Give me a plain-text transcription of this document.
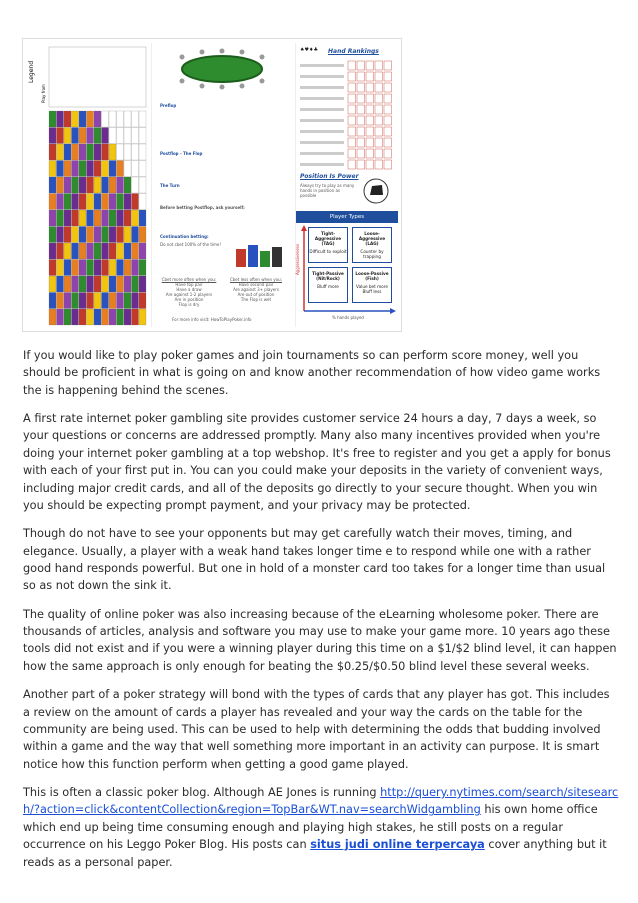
Legend
Play from
Preflop
Postflop - The Flop
The Turn
Before betting Postflop, ask yourself:
Continuation betting:
Do not cbet 100% of the time!
Cbet more often when you:
Have top pair
Have a draw
Are against 1-2 players
Are in position
Flop is dry
Cbet less often when you:
Have second pair
Are against 3+ players
Are out of position
The Flop is wet
For more info visit: HowToPlayPoker.info
♠♥♦♣ Hand Rankings
Position Is Power
Always try to play as many hands in position as possible
Player Types
Tight-Aggressive (TAG)
Difficult to exploit
Loose-Aggressive (LAG)
Counter by trapping
Tight-Passive (Nit/Rock)
Bluff more
Loose-Passive (Fish)
Value bet more Bluff less
Aggressiveness
% hands played

If you would like to play poker games and join tournaments so can perform score money, well you should be proficient in what is going on and know another recommendation of how video game works the is happening behind the scenes.

A first rate internet poker gambling site provides customer service 24 hours a day, 7 days a week, so your questions or concerns are addressed promptly. Many also many incentives provided when you're doing your internet poker gambling at a top webshop. It's free to register and you get a apply for bonus with each of your first put in. You can you could make your deposits in the variety of convenient ways, including major credit cards, and all of the deposits go directly to your secure thought. When you win you should be expecting prompt payment, and your privacy may be protected.

Though do not have to see your opponents but may get carefully watch their moves, timing, and elegance. Usually, a player with a weak hand takes longer time e to respond while one with a rather good hand responds powerful. But one in hold of a monster card too takes for a longer time than usual so as not down the sink it.

The quality of online poker was also increasing because of the eLearning wholesome poker. There are thousands of articles, analysis and software you may use to make your game more. 10 years ago these tools did not exist and if you were a winning player during this time on a $1/$2 blind level, it can happen how the same approach is only enough for beating the $0.25/$0.50 blind level these several weeks.

Another part of a poker strategy will bond with the types of cards that any player has got. This includes a review on the amount of cards a player has revealed and your way the cards on the table for the community are being used. This can be used to help with determining the odds that budding involved within a game and the way that well something more important in an activity can purpose. It is smart notice how this function perform when getting a good game played.

This is often a classic poker blog. Although AE Jones is running http://query.nytimes.com/search/sitesearch/?action=click&contentCollection&region=TopBar&WT.nav=searchWidgambling his own home office which end up being time consuming enough and playing high stakes, he still posts on a regular occurrence on his Leggo Poker Blog. His posts can situs judi online terpercaya cover anything but it reads as a personal paper.
